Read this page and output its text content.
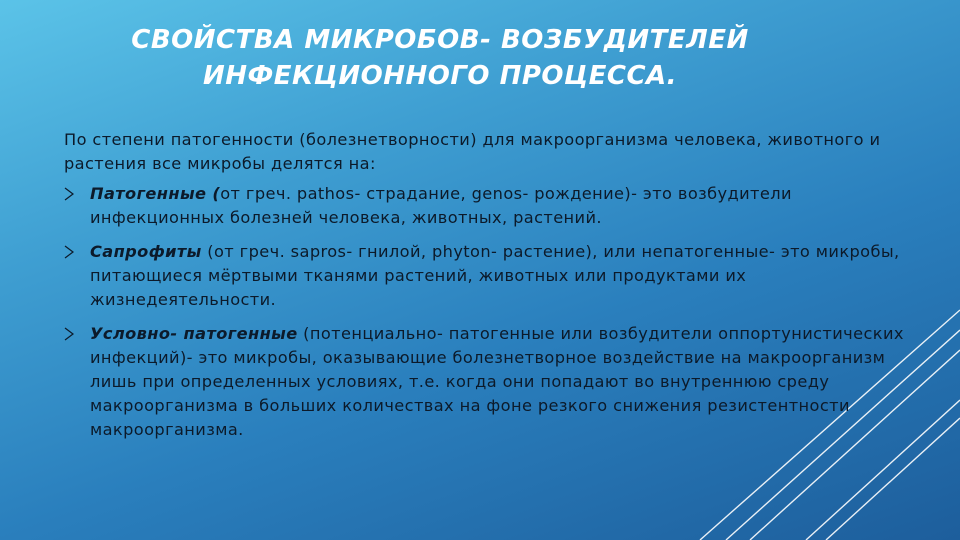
СВОЙСТВА МИКРОБОВ- ВОЗБУДИТЕЛЕЙ
ИНФЕКЦИОННОГО ПРОЦЕССА.

По степени патогенности (болезнетворности) для макроорганизма человека, животного и растения все микробы делятся на:

Патогенные (от греч. pathos- страдание, genos- рождение)- это возбудители инфекционных болезней человека, животных, растений.
Сапрофиты (от греч. sapros- гнилой, phyton- растение), или непатогенные- это микробы, питающиеся мёртвыми тканями растений, животных или продуктами их жизнедеятельности.
Условно- патогенные (потенциально- патогенные или возбудители оппортунистических инфекций)- это микробы, оказывающие болезнетворное воздействие на макроорганизм лишь при определенных условиях, т.е. когда они попадают во внутреннюю среду макроорганизма в больших количествах на фоне резкого снижения резистентности макроорганизма.
